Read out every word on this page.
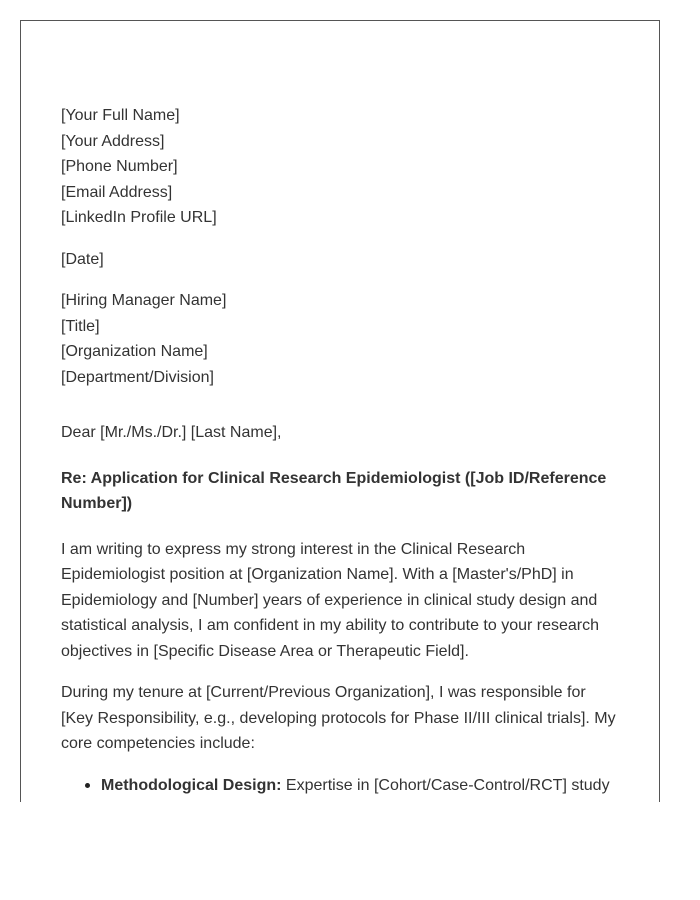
[Your Full Name]
[Your Address]
[Phone Number]
[Email Address]
[LinkedIn Profile URL]
[Date]
[Hiring Manager Name]
[Title]
[Organization Name]
[Department/Division]
Dear [Mr./Ms./Dr.] [Last Name],
Re: Application for Clinical Research Epidemiologist ([Job ID/Reference
Number])
I am writing to express my strong interest in the Clinical Research
Epidemiologist position at [Organization Name]. With a [Master's/PhD] in
Epidemiology and [Number] years of experience in clinical study design and
statistical analysis, I am confident in my ability to contribute to your research
objectives in [Specific Disease Area or Therapeutic Field].
During my tenure at [Current/Previous Organization], I was responsible for
[Key Responsibility, e.g., developing protocols for Phase II/III clinical trials]. My
core competencies include:
Methodological Design: Expertise in [Cohort/Case-Control/RCT] study
